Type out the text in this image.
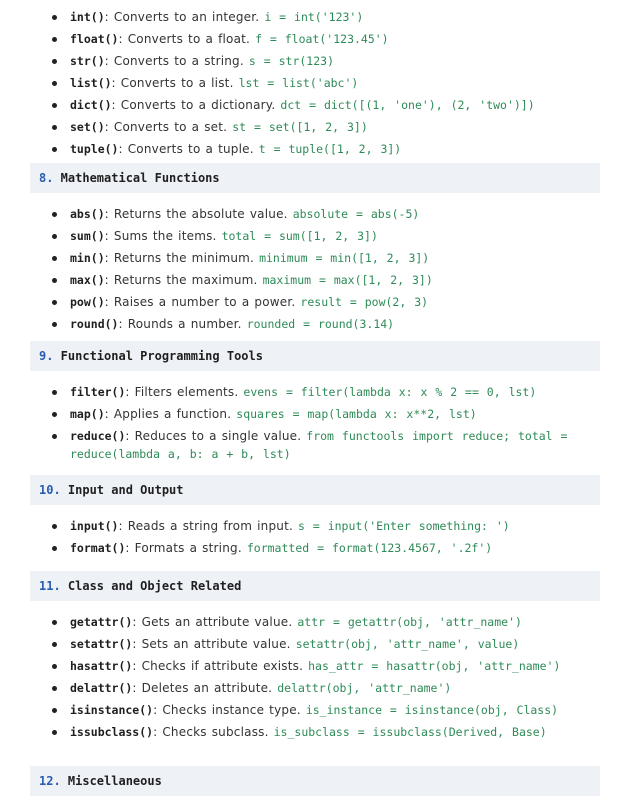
int(): Converts to an integer. i = int('123')
float(): Converts to a float. f = float('123.45')
str(): Converts to a string. s = str(123)
list(): Converts to a list. lst = list('abc')
dict(): Converts to a dictionary. dct = dict([(1, 'one'), (2, 'two')])
set(): Converts to a set. st = set([1, 2, 3])
tuple(): Converts to a tuple. t = tuple([1, 2, 3])
8. Mathematical Functions
abs(): Returns the absolute value. absolute = abs(-5)
sum(): Sums the items. total = sum([1, 2, 3])
min(): Returns the minimum. minimum = min([1, 2, 3])
max(): Returns the maximum. maximum = max([1, 2, 3])
pow(): Raises a number to a power. result = pow(2, 3)
round(): Rounds a number. rounded = round(3.14)
9. Functional Programming Tools
filter(): Filters elements. evens = filter(lambda x: x % 2 == 0, lst)
map(): Applies a function. squares = map(lambda x: x**2, lst)
reduce(): Reduces to a single value. from functools import reduce; total = reduce(lambda a, b: a + b, lst)
10. Input and Output
input(): Reads a string from input. s = input('Enter something: ')
format(): Formats a string. formatted = format(123.4567, '.2f')
11. Class and Object Related
getattr(): Gets an attribute value. attr = getattr(obj, 'attr_name')
setattr(): Sets an attribute value. setattr(obj, 'attr_name', value)
hasattr(): Checks if attribute exists. has_attr = hasattr(obj, 'attr_name')
delattr(): Deletes an attribute. delattr(obj, 'attr_name')
isinstance(): Checks instance type. is_instance = isinstance(obj, Class)
issubclass(): Checks subclass. is_subclass = issubclass(Derived, Base)
12. Miscellaneous
